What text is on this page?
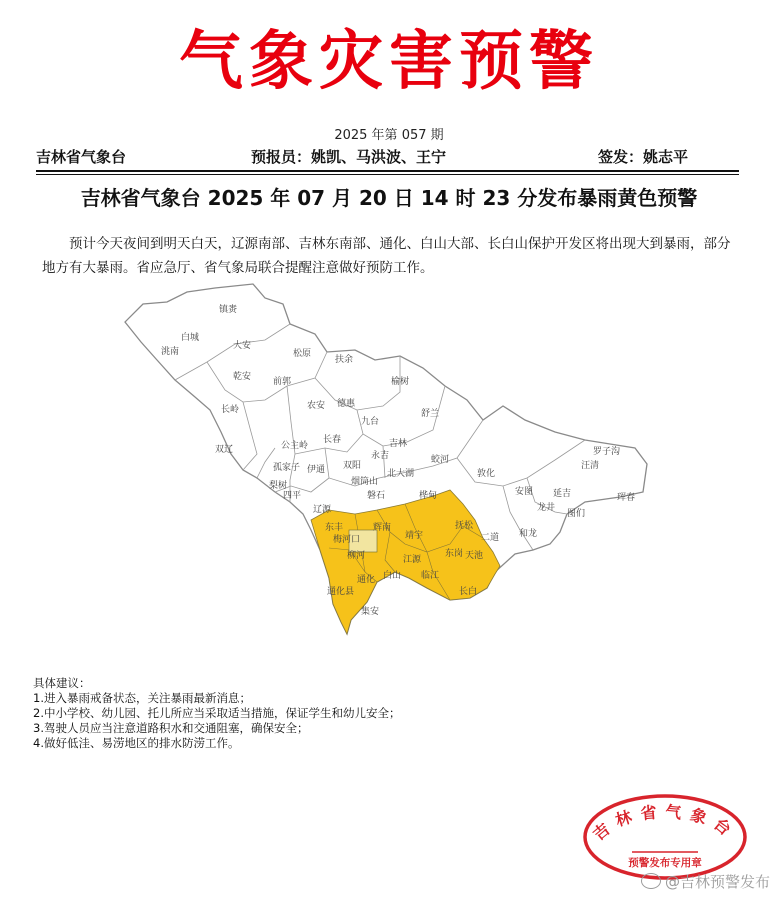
气象灾害预警
2025 年第 057 期
吉林省气象台	预报员：姚凯、马洪波、王宁	签发：姚志平
吉林省气象台 2025 年 07 月 20 日 14 时 23 分发布暴雨黄色预警
预计今天夜间到明天白天，辽源南部、吉林东南部、通化、白山大部、长白山保护开发区将出现大到暴雨，部分地方有大暴雨。省应急厅、省气象局联合提醒注意做好预防工作。
镇赉
白城
洮南
大安
乾安 前郭
松原
扶余
榆树
长岭	农安 德惠
九台
舒兰
双辽	公主岭
长春	吉林
永吉	蛟河
敦化
孤家子
梨树
伊通 双阳
烟筒山
北大湖
四平
辽源
磐石	桦甸
汪清
罗子沟
安图 延吉
图们
珲春
龙井
和龙
东丰
梅河口
辉南
靖宇
抚松
二道
柳河	江源
东岗 天池
通化 白山 临江
长白
通化县
集安
具体建议：
1.进入暴雨戒备状态，关注暴雨最新消息；
2.中小学校、幼儿园、托儿所应当采取适当措施，保证学生和幼儿安全；
3.驾驶人员应当注意道路积水和交通阻塞，确保安全；
4.做好低洼、易涝地区的排水防涝工作。
吉林省气象台
预警发布专用章
@吉林预警发布
